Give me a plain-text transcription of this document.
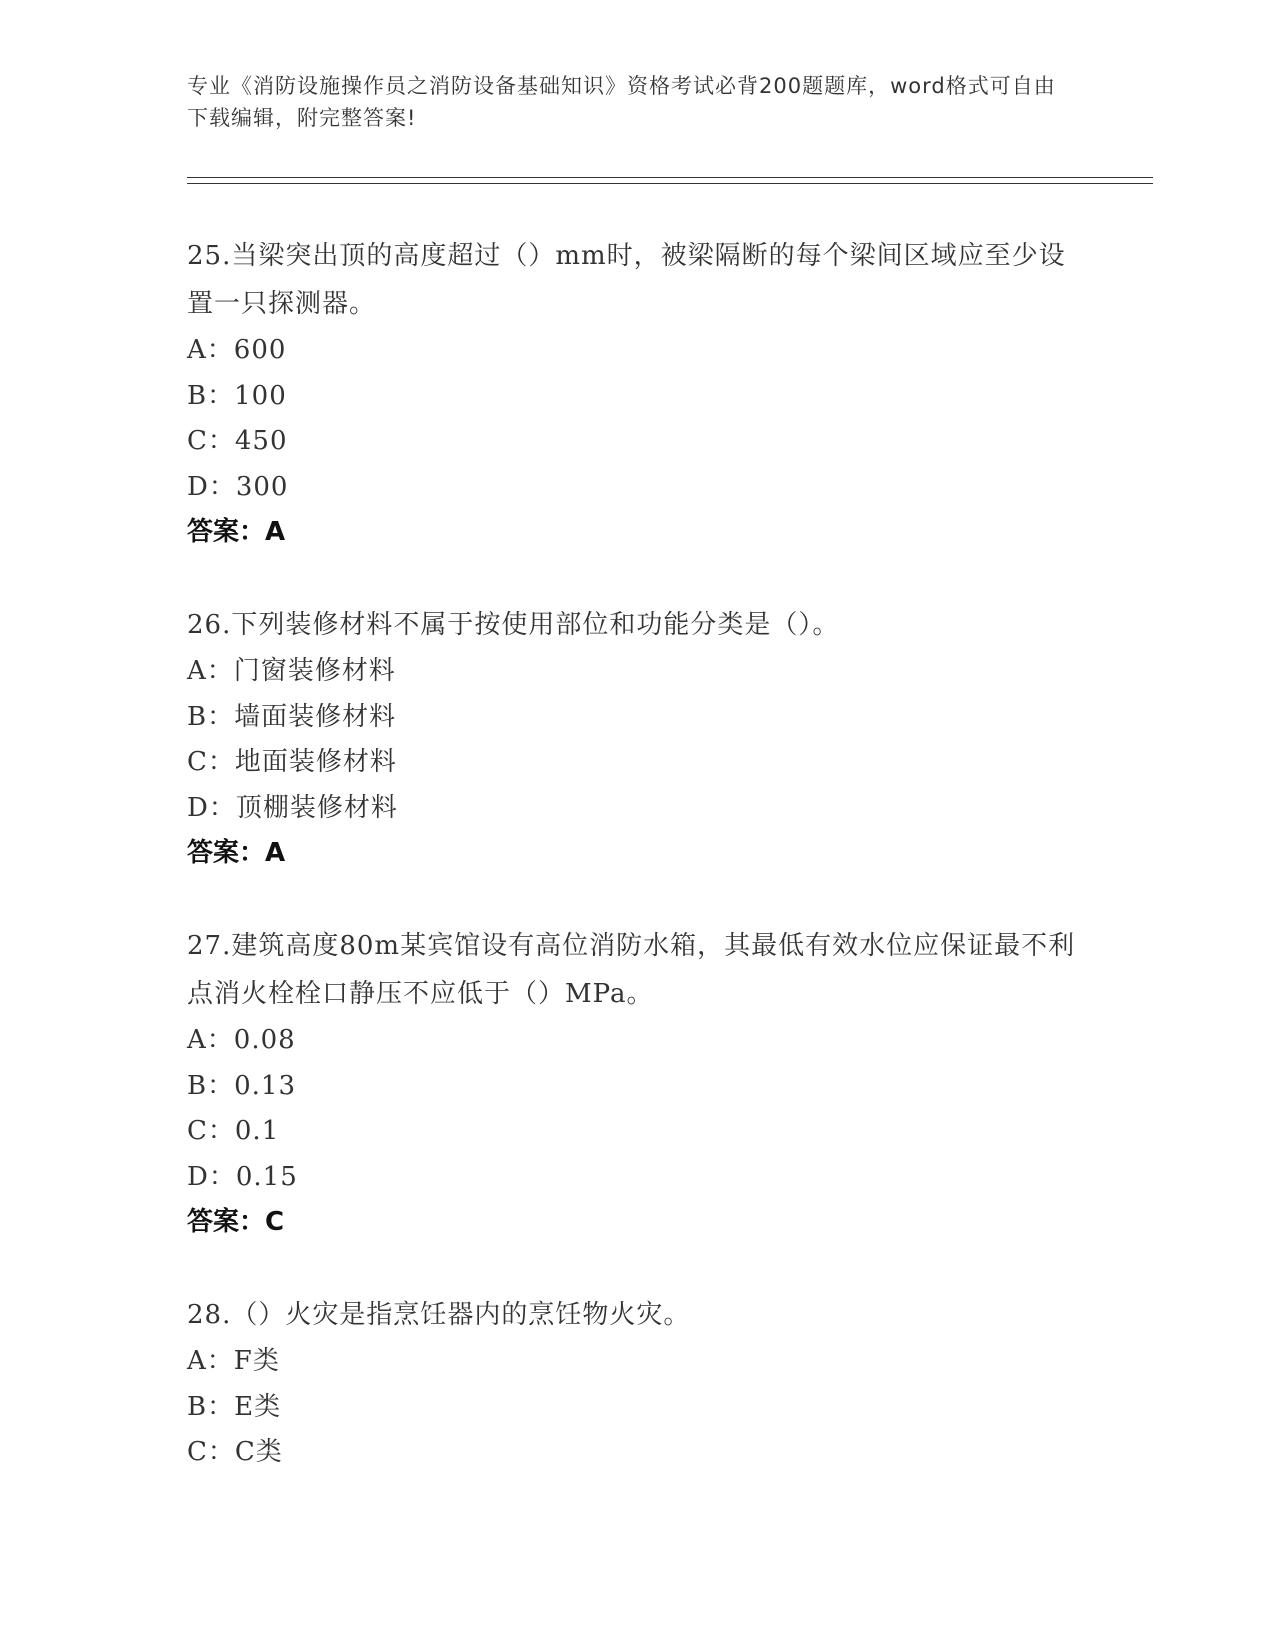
专业《消防设施操作员之消防设备基础知识》资格考试必背200题题库，word格式可自由下载编辑，附完整答案!
25.当梁突出顶的高度超过（）mm时，被梁隔断的每个梁间区域应至少设置一只探测器。
A：600
B：100
C：450
D：300
答案：A
26.下列装修材料不属于按使用部位和功能分类是（）。
A：门窗装修材料
B：墙面装修材料
C：地面装修材料
D：顶棚装修材料
答案：A
27.建筑高度80m某宾馆设有高位消防水箱，其最低有效水位应保证最不利点消火栓栓口静压不应低于（）MPa。
A：0.08
B：0.13
C：0.1
D：0.15
答案：C
28.（）火灾是指烹饪器内的烹饪物火灾。
A：F类
B：E类
C：C类
